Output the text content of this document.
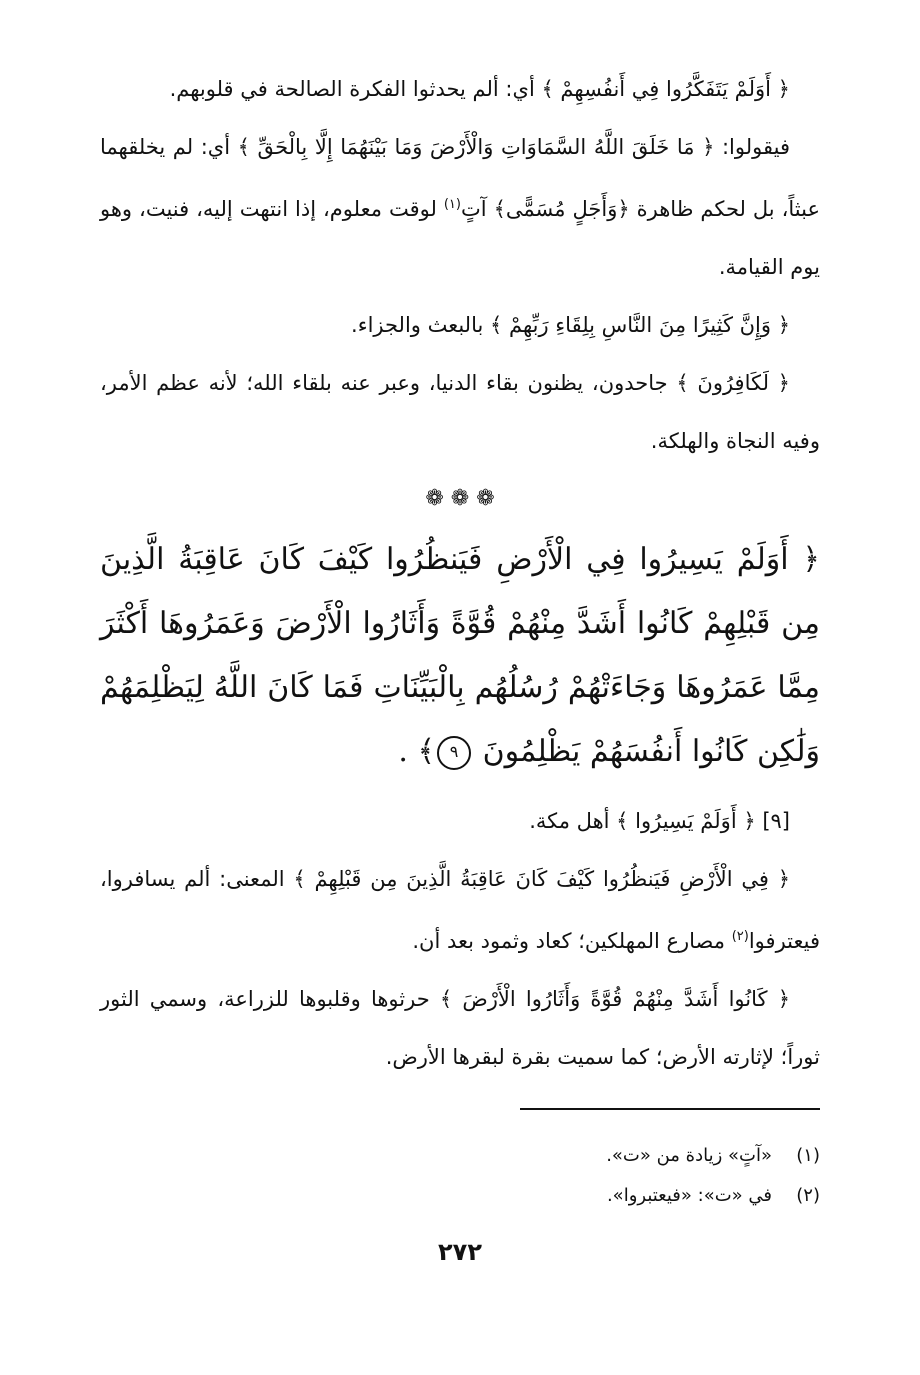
﴿ أَوَلَمْ يَتَفَكَّرُوا فِي أَنفُسِهِمْ ﴾ أي: ألم يحدثوا الفكرة الصالحة في قلوبهم.

فيقولوا: ﴿ مَا خَلَقَ اللَّهُ السَّمَاوَاتِ وَالْأَرْضَ وَمَا بَيْنَهُمَا إِلَّا بِالْحَقِّ ﴾ أي: لم يخلقهما عبثاً، بل لحكم ظاهرة ﴿وَأَجَلٍ مُسَمًّى﴾ آتٍ$^{(١)}$ لوقت معلوم، إذا انتهت إليه، فنيت، وهو يوم القيامة.

﴿ وَإِنَّ كَثِيرًا مِنَ النَّاسِ بِلِقَاءِ رَبِّهِمْ ﴾ بالبعث والجزاء.

﴿ لَكَافِرُونَ ﴾ جاحدون، يظنون بقاء الدنيا، وعبر عنه بلقاء الله؛ لأنه عظم الأمر، وفيه النجاة والهلكة.

❁ ❁ ❁

﴿ أَوَلَمْ يَسِيرُوا فِي الْأَرْضِ فَيَنظُرُوا كَيْفَ كَانَ عَاقِبَةُ الَّذِينَ مِن قَبْلِهِمْ كَانُوا أَشَدَّ مِنْهُمْ قُوَّةً وَأَثَارُوا الْأَرْضَ وَعَمَرُوهَا أَكْثَرَ مِمَّا عَمَرُوهَا وَجَاءَتْهُمْ رُسُلُهُم بِالْبَيِّنَاتِ فَمَا كَانَ اللَّهُ لِيَظْلِمَهُمْ وَلَٰكِن كَانُوا أَنفُسَهُمْ يَظْلِمُونَ ٩﴾ .

[٩] ﴿ أَوَلَمْ يَسِيرُوا ﴾ أهل مكة.

﴿ فِي الْأَرْضِ فَيَنظُرُوا كَيْفَ كَانَ عَاقِبَةُ الَّذِينَ مِن قَبْلِهِمْ ﴾ المعنى: ألم يسافروا، فيعترفوا$^{(٢)}$ مصارع المهلكين؛ كعاد وثمود بعد أن.

﴿ كَانُوا أَشَدَّ مِنْهُمْ قُوَّةً وَأَثَارُوا الْأَرْضَ ﴾ حرثوها وقلبوها للزراعة، وسمي الثور ثوراً؛ لإثارته الأرض؛ كما سميت بقرة لبقرها الأرض.

(١)«آتٍ» زيادة من «ت».
(٢)في «ت»: «فيعتبروا».
٢٧٢
